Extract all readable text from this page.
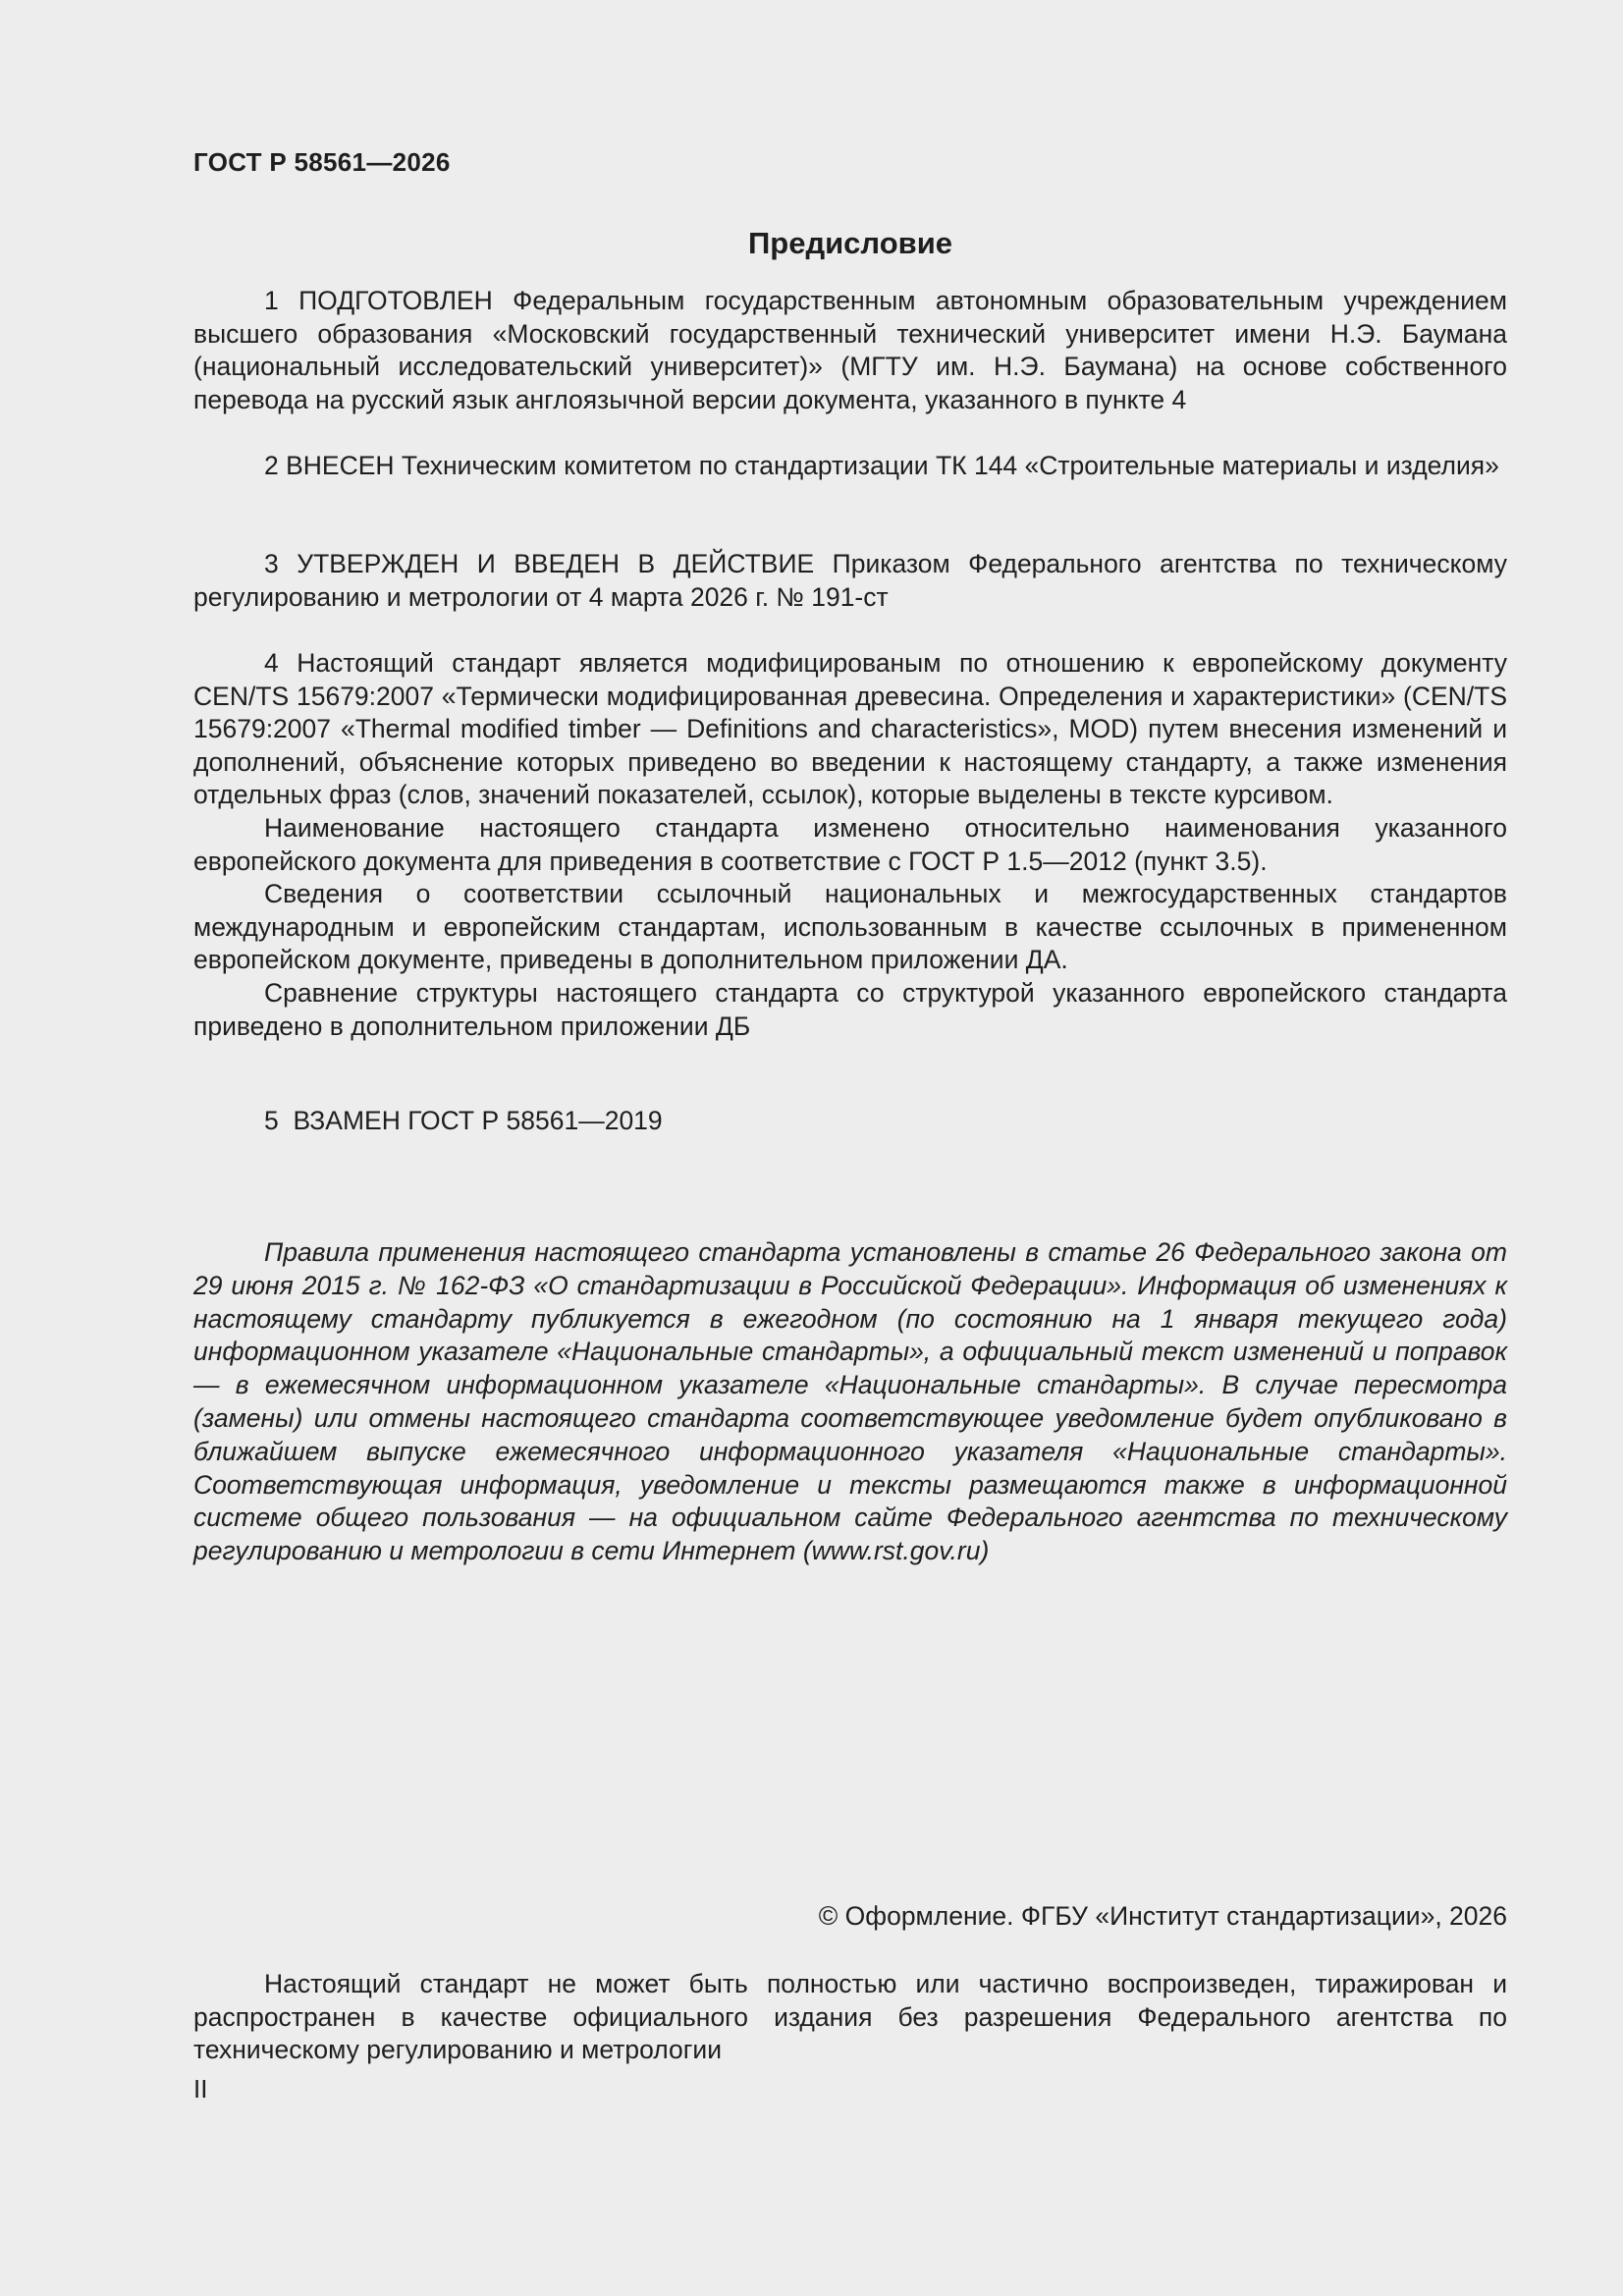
ГОСТ Р 58561—2026
Предисловие

1 ПОДГОТОВЛЕН Федеральным государственным автономным образовательным учреждением высшего образования «Московский государственный технический университет имени Н.Э. Баумана (национальный исследовательский университет)» (МГТУ им. Н.Э. Баумана) на основе собственного перевода на русский язык англоязычной версии документа, указанного в пункте 4

2 ВНЕСЕН Техническим комитетом по стандартизации ТК 144 «Строительные материалы и изделия»

3 УТВЕРЖДЕН И ВВЕДЕН В ДЕЙСТВИЕ Приказом Федерального агентства по техническому регулированию и метрологии от 4 марта 2026 г. № 191-ст

4 Настоящий стандарт является модифицированым по отношению к европейскому документу CEN/TS 15679:2007 «Термически модифицированная древесина. Определения и характеристики» (CEN/TS 15679:2007 «Thermal modified timber — Definitions and characteristics», MOD) путем внесения изменений и дополнений, объяснение которых приведено во введении к настоящему стандарту, а также изменения отдельных фраз (слов, значений показателей, ссылок), которые выделены в тексте курсивом.

Наименование настоящего стандарта изменено относительно наименования указанного европейского документа для приведения в соответствие с ГОСТ Р 1.5—2012 (пункт 3.5).

Сведения о соответствии ссылочный национальных и межгосударственных стандартов международным и европейским стандартам, использованным в качестве ссылочных в примененном европейском документе, приведены в дополнительном приложении ДА.

Сравнение структуры настоящего стандарта со структурой указанного европейского стандарта приведено в дополнительном приложении ДБ

5  ВЗАМЕН ГОСТ Р 58561—2019

Правила применения настоящего стандарта установлены в статье 26 Федерального закона от 29 июня 2015 г. № 162-ФЗ «О стандартизации в Российской Федерации». Информация об изменениях к настоящему стандарту публикуется в ежегодном (по состоянию на 1 января текущего года) информационном указателе «Национальные стандарты», а официальный текст изменений и поправок — в ежемесячном информационном указателе «Национальные стандарты». В случае пересмотра (замены) или отмены настоящего стандарта соответствующее уведомление будет опубликовано в ближайшем выпуске ежемесячного информационного указателя «Национальные стандарты». Соответствующая информация, уведомление и тексты размещаются также в информационной системе общего пользования — на официальном сайте Федерального агентства по техническому регулированию и метрологии в сети Интернет (www.rst.gov.ru)

© Оформление. ФГБУ «Институт стандартизации», 2026

Настоящий стандарт не может быть полностью или частично воспроизведен, тиражирован и распространен в качестве официального издания без разрешения Федерального агентства по техническому регулированию и метрологии

II
